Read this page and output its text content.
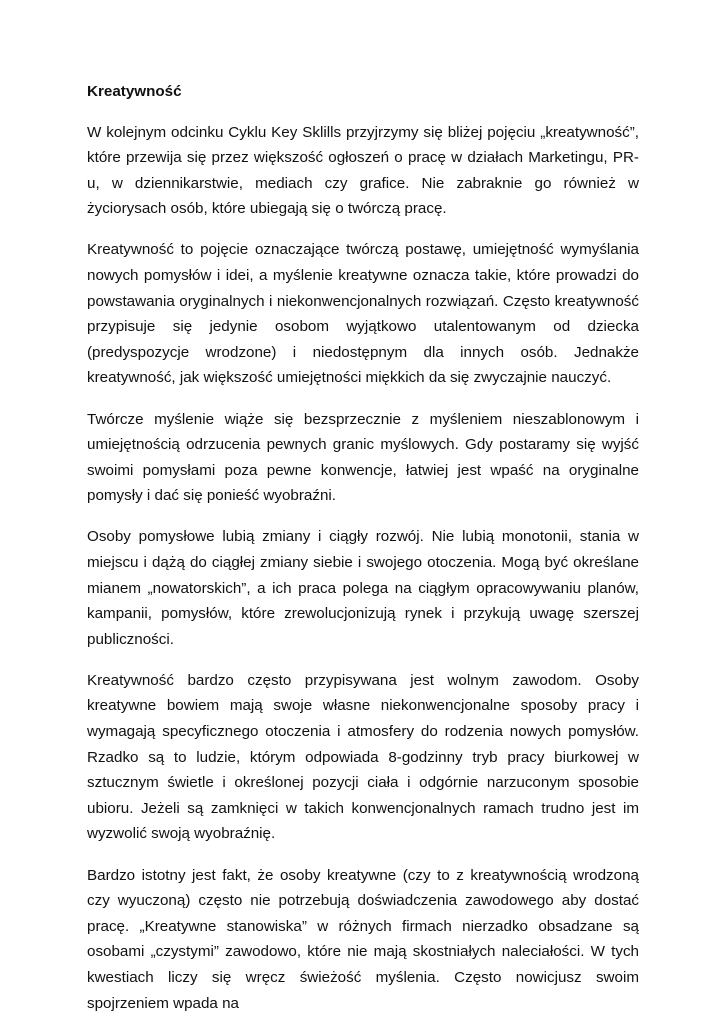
Kreatywność

W kolejnym odcinku Cyklu Key Sklills przyjrzymy się bliżej pojęciu „kreatywność”, które przewija się przez większość ogłoszeń o pracę w działach Marketingu, PR-u, w dziennikarstwie, mediach czy grafice. Nie zabraknie go również w życiorysach osób, które ubiegają się o twórczą pracę.

Kreatywność to pojęcie oznaczające twórczą postawę, umiejętność wymyślania nowych pomysłów i idei, a myślenie kreatywne oznacza takie, które prowadzi do powstawania oryginalnych i niekonwencjonalnych rozwiązań. Często kreatywność przypisuje się jedynie osobom wyjątkowo utalentowanym od dziecka (predyspozycje wrodzone) i niedostępnym dla innych osób. Jednakże kreatywność, jak większość umiejętności miękkich da się zwyczajnie nauczyć.

Twórcze myślenie wiąże się bezsprzecznie z myśleniem nieszablonowym i umiejętnością odrzucenia pewnych granic myślowych. Gdy postaramy się wyjść swoimi pomysłami poza pewne konwencje, łatwiej jest wpaść na oryginalne pomysły i dać się ponieść wyobraźni.

Osoby pomysłowe lubią zmiany i ciągły rozwój. Nie lubią monotonii, stania w miejscu i dążą do ciągłej zmiany siebie i swojego otoczenia. Mogą być określane mianem „nowatorskich”, a ich praca polega na ciągłym opracowywaniu planów, kampanii, pomysłów, które zrewolucjonizują rynek i przykują uwagę szerszej publiczności.

Kreatywność bardzo często przypisywana jest wolnym zawodom. Osoby kreatywne bowiem mają swoje własne niekonwencjonalne sposoby pracy i wymagają specyficznego otoczenia i atmosfery do rodzenia nowych pomysłów. Rzadko są to ludzie, którym odpowiada 8-godzinny tryb pracy biurkowej w sztucznym świetle i określonej pozycji ciała i odgórnie narzuconym sposobie ubioru. Jeżeli są zamknięci w takich konwencjonalnych ramach trudno jest im wyzwolić swoją wyobraźnię.

Bardzo istotny jest fakt, że osoby kreatywne (czy to z kreatywnością wrodzoną czy wyuczoną) często nie potrzebują doświadczenia zawodowego aby dostać pracę. „Kreatywne stanowiska” w różnych firmach nierzadko obsadzane są osobami „czystymi” zawodowo, które nie mają skostniałych naleciałości. W tych kwestiach liczy się wręcz świeżość myślenia. Często nowicjusz swoim spojrzeniem wpada na
